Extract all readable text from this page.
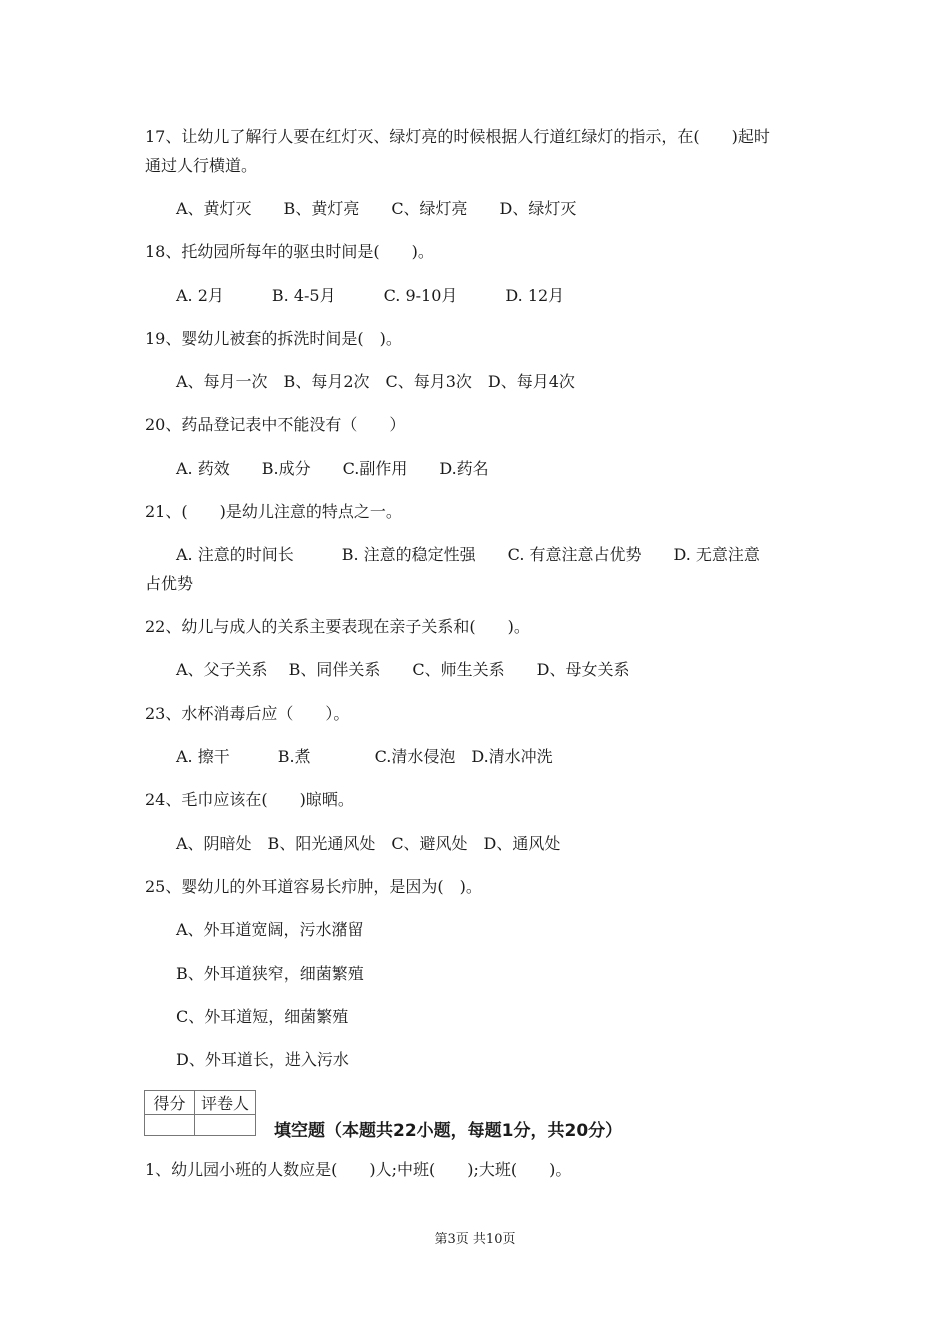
17、让幼儿了解行人要在红灯灭、绿灯亮的时候根据人行道红绿灯的指示，在(　　)起时
通过人行横道。
A、黄灯灭　　B、黄灯亮　　C、绿灯亮　　D、绿灯灭
18、托幼园所每年的驱虫时间是(　　)。
A. 2月　　　B. 4-5月　　　C. 9-10月　　　D. 12月
19、婴幼儿被套的拆洗时间是(　)。
A、每月一次　B、每月2次　C、每月3次　D、每月4次
20、药品登记表中不能没有（　　）
A. 药效　　B.成分　　C.副作用　　D.药名
21、(　　)是幼儿注意的特点之一。
A. 注意的时间长　　　B. 注意的稳定性强　　C. 有意注意占优势　　D. 无意注意
占优势
22、幼儿与成人的关系主要表现在亲子关系和(　　)。
A、父子关系　 B、同伴关系　　C、师生关系　　D、母女关系
23、水杯消毒后应（　　）。
A. 擦干　　　B.煮　　　　C.清水侵泡　D.清水冲洗
24、毛巾应该在(　　)晾晒。
A、阴暗处　B、阳光通风处　C、避风处　D、通风处
25、婴幼儿的外耳道容易长疖肿，是因为(　)。
A、外耳道宽阔，污水潴留
B、外耳道狭窄，细菌繁殖
C、外耳道短，细菌繁殖
D、外耳道长，进入污水
得分	评卷人

填空题（本题共22小题，每题1分，共20分）
1、幼儿园小班的人数应是(　　)人;中班(　　);大班(　　)。
第3页 共10页
